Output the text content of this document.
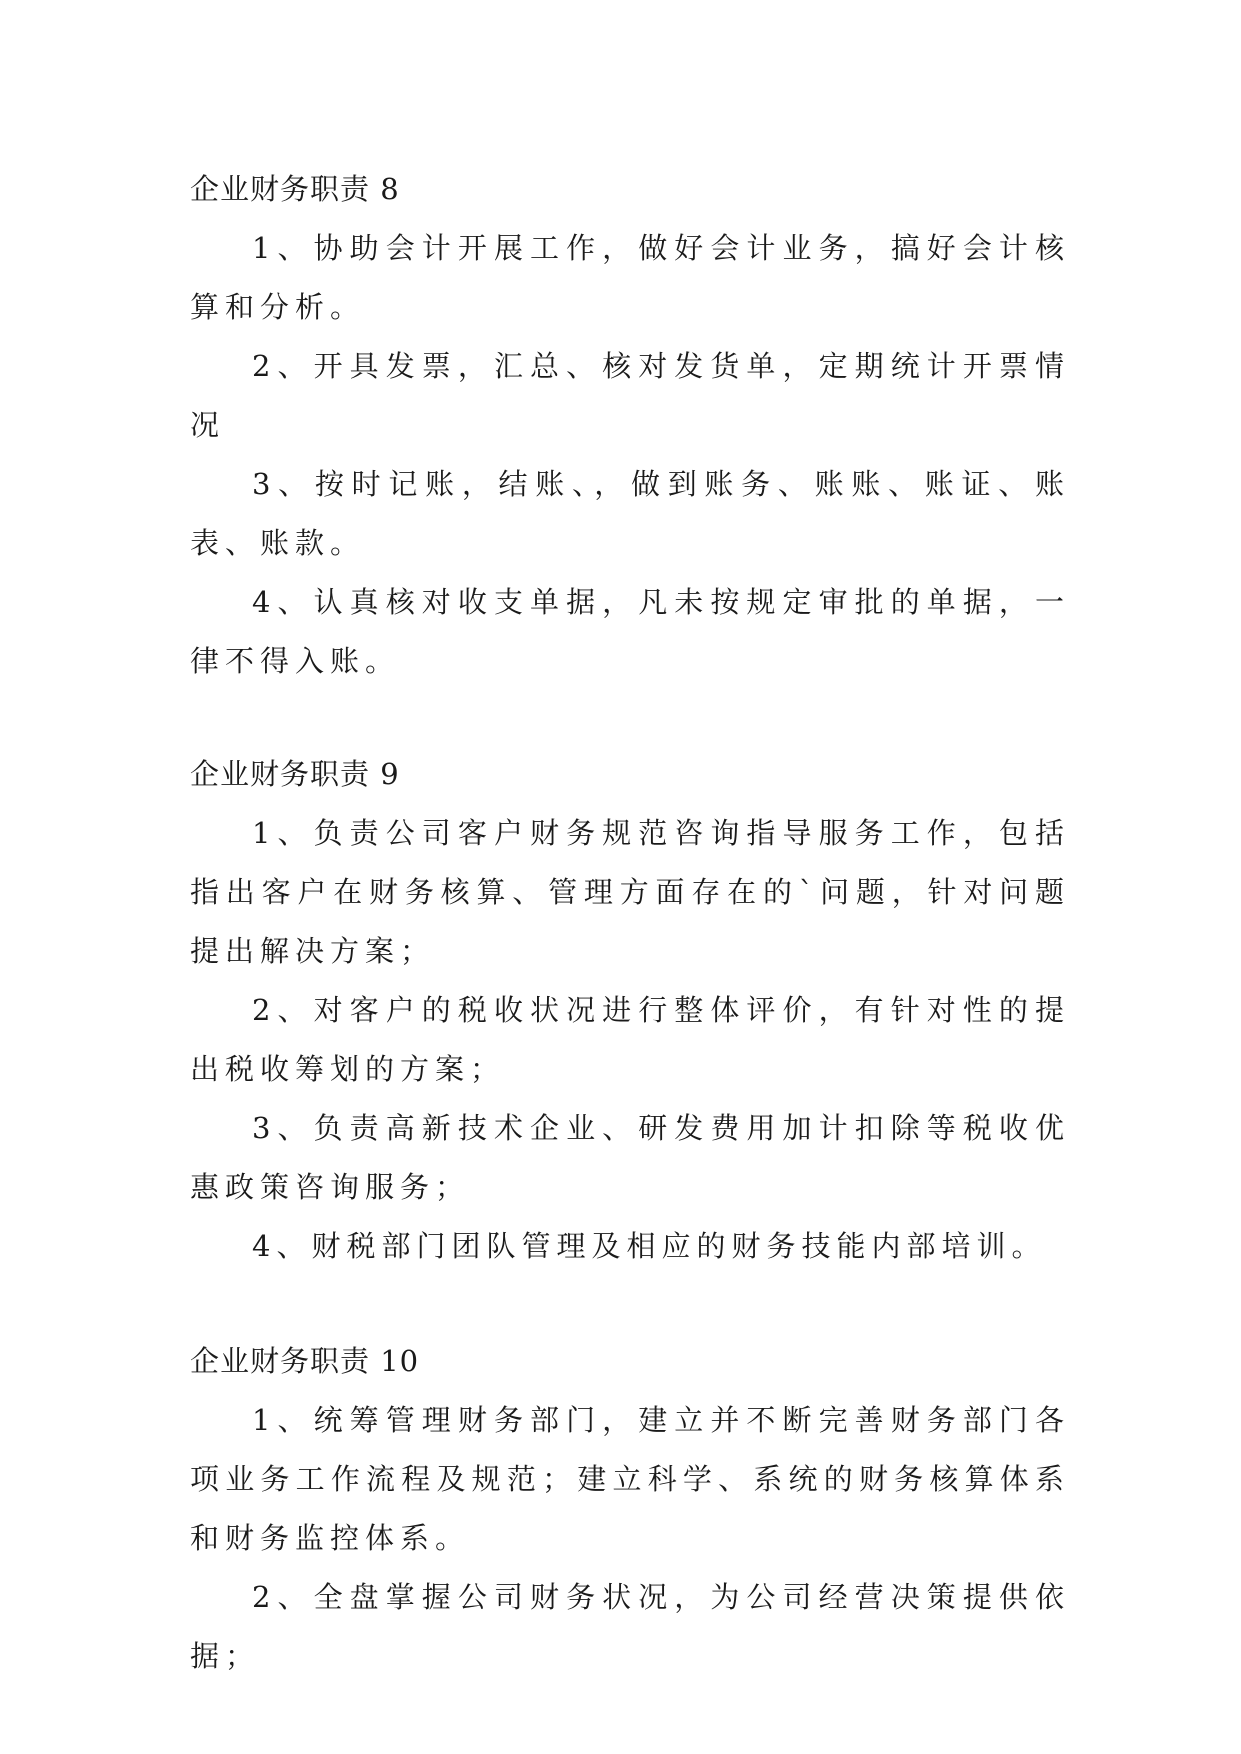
企业财务职责 8

1、协助会计开展工作，做好会计业务，搞好会计核算和分析。

2、开具发票，汇总、核对发货单，定期统计开票情况

3、按时记账，结账、，做到账务、账账、账证、账表、账款。

4、认真核对收支单据，凡未按规定审批的单据，一律不得入账。

企业财务职责 9

1、负责公司客户财务规范咨询指导服务工作，包括指出客户在财务核算、管理方面存在的`问题，针对问题提出解决方案；

2、对客户的税收状况进行整体评价，有针对性的提出税收筹划的方案；

3、负责高新技术企业、研发费用加计扣除等税收优惠政策咨询服务；

4、财税部门团队管理及相应的财务技能内部培训。

企业财务职责 10

1、统筹管理财务部门，建立并不断完善财务部门各项业务工作流程及规范；建立科学、系统的财务核算体系和财务监控体系。

2、全盘掌握公司财务状况，为公司经营决策提供依据；
